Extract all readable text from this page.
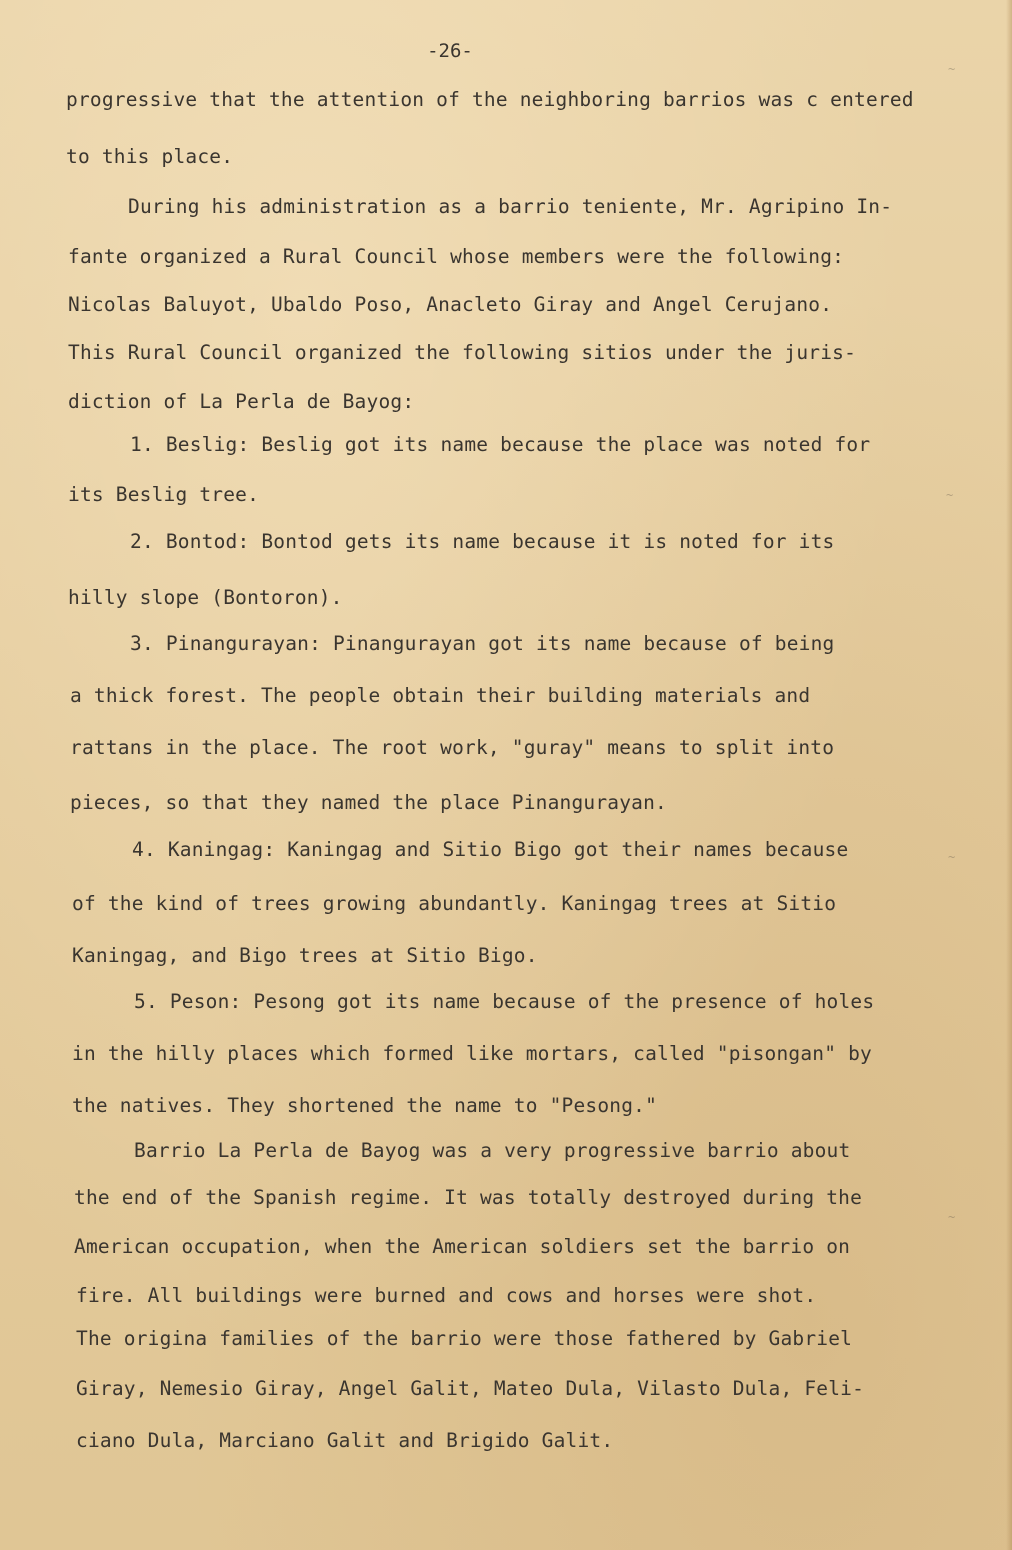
-26-
progressive that the attention of the neighboring barrios was c entered
to this place.
During his administration as a barrio teniente, Mr. Agripino In-
fante organized a Rural Council whose members were the following:
Nicolas Baluyot, Ubaldo Poso, Anacleto Giray and Angel Cerujano.
This Rural Council organized the following sitios under the juris-
diction of La Perla de Bayog:
1. Beslig: Beslig got its name because the place was noted for
its Beslig tree.
2. Bontod: Bontod gets its name because it is noted for its
hilly slope (Bontoron).
3. Pinangurayan: Pinangurayan got its name because of being
a thick forest. The people obtain their building materials and
rattans in the place. The root work, "guray" means to split into
pieces, so that they named the place Pinangurayan.
4. Kaningag: Kaningag and Sitio Bigo got their names because
of the kind of trees growing abundantly. Kaningag trees at Sitio
Kaningag, and Bigo trees at Sitio Bigo.
5. Peson: Pesong got its name because of the presence of holes
in the hilly places which formed like mortars, called "pisongan" by
the natives. They shortened the name to "Pesong."
Barrio La Perla de Bayog was a very progressive barrio about
the end of the Spanish regime. It was totally destroyed during the
American occupation, when the American soldiers set the barrio on
fire. All buildings were burned and cows and horses were shot.
The origina families of the barrio were those fathered by Gabriel
Giray, Nemesio Giray, Angel Galit, Mateo Dula, Vilasto Dula, Feli-
ciano Dula, Marciano Galit and Brigido Galit.
~
~
~
~
